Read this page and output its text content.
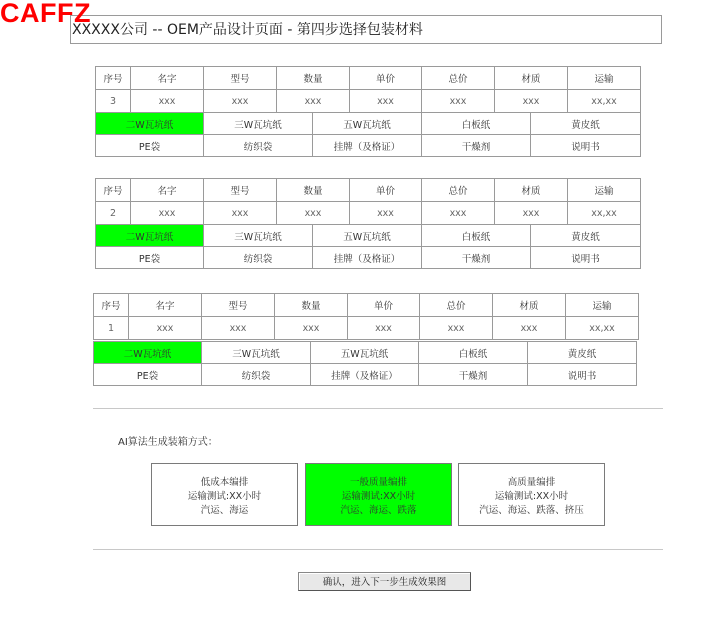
CAFFZ
XXXXX公司 -- OEM产品设计页面 - 第四步选择包装材料
序号	名字	型号	数量	单价	总价	材质	运输
3	xxx	xxx	xxx	xxx	xxx	xxx	xx,xx
二W瓦坑纸	三W瓦坑纸	五W瓦坑纸	白板纸	黄皮纸
PE袋	纺织袋	挂牌（及格证）	干燥剂	说明书
序号	名字	型号	数量	单价	总价	材质	运输
2	xxx	xxx	xxx	xxx	xxx	xxx	xx,xx
二W瓦坑纸	三W瓦坑纸	五W瓦坑纸	白板纸	黄皮纸
PE袋	纺织袋	挂牌（及格证）	干燥剂	说明书
序号	名字	型号	数量	单价	总价	材质	运输
1	xxx	xxx	xxx	xxx	xxx	xxx	xx,xx
二W瓦坑纸	三W瓦坑纸	五W瓦坑纸	白板纸	黄皮纸
PE袋	纺织袋	挂牌（及格证）	干燥剂	说明书
AI算法生成装箱方式：
低成本编排
运输测试:XX小时
汽运、海运
一般质量编排
运输测试:XX小时
汽运、海运、跌落
高质量编排
运输测试:XX小时
汽运、海运、跌落、挤压
确认，进入下一步生成效果图
